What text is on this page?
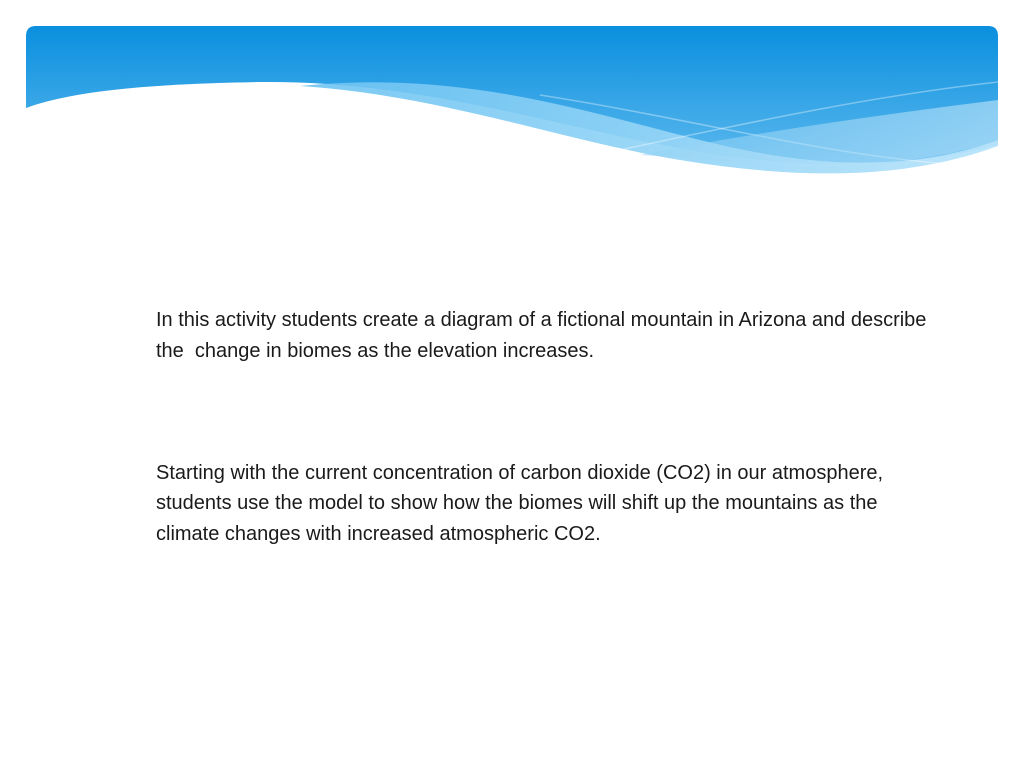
In this activity students create a diagram of a fictional mountain in Arizona and describe the  change in biomes as the elevation increases.

Starting with the current concentration of carbon dioxide (CO2) in our atmosphere, students use the model to show how the biomes will shift up the mountains as the climate changes with increased atmospheric CO2.
